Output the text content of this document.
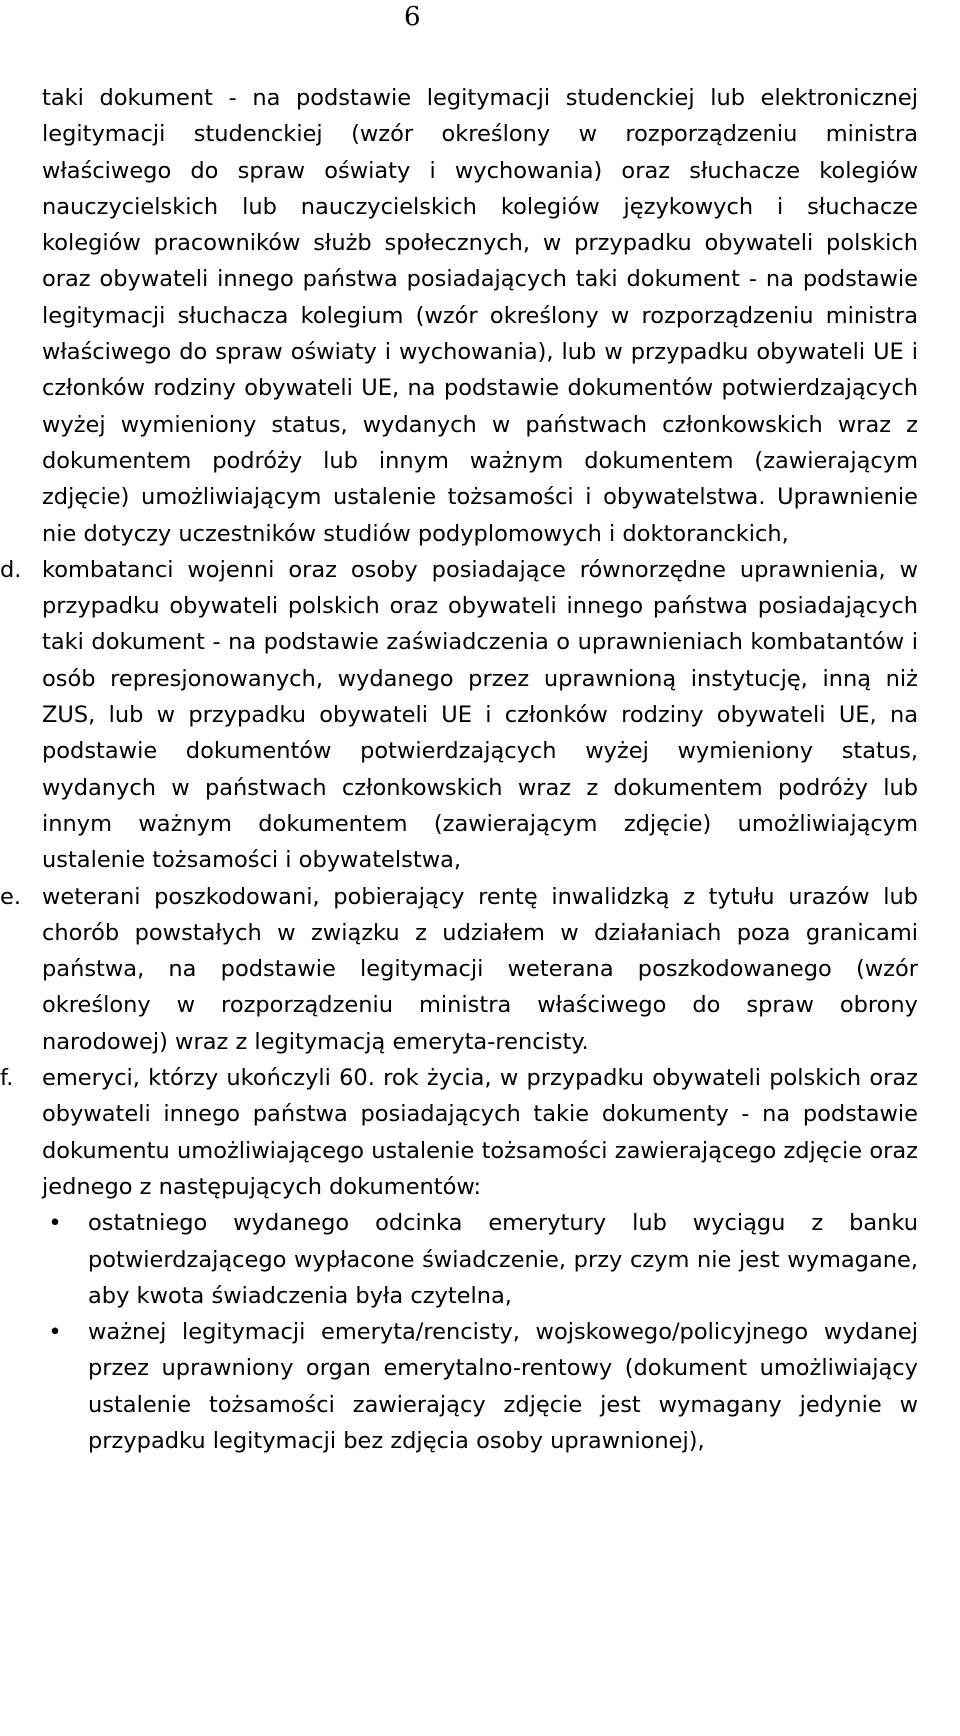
6

taki dokument - na podstawie legitymacji studenckiej lub elektronicznej legitymacji studenckiej (wzór określony w rozporządzeniu ministra właściwego do spraw oświaty i wychowania) oraz słuchacze kolegiów nauczycielskich lub nauczycielskich kolegiów językowych i słuchacze kolegiów pracowników służb społecznych, w przypadku obywateli polskich oraz obywateli innego państwa posiadających taki dokument - na podstawie legitymacji słuchacza kolegium (wzór określony w rozporządzeniu ministra właściwego do spraw oświaty i wychowania), lub w przypadku obywateli UE i członków rodziny obywateli UE, na podstawie dokumentów potwierdzających wyżej wymieniony status, wydanych w państwach członkowskich wraz z dokumentem podróży lub innym ważnym dokumentem (zawierającym zdjęcie) umożliwiającym ustalenie tożsamości i obywatelstwa. Uprawnienie nie dotyczy uczestników studiów podyplomowych i doktoranckich,

d. kombatanci wojenni oraz osoby posiadające równorzędne uprawnienia, w przypadku obywateli polskich oraz obywateli innego państwa posiadających taki dokument - na podstawie zaświadczenia o uprawnieniach kombatantów i osób represjonowanych, wydanego przez uprawnioną instytucję, inną niż ZUS, lub w przypadku obywateli UE i członków rodziny obywateli UE, na podstawie dokumentów potwierdzających wyżej wymieniony status, wydanych w państwach członkowskich wraz z dokumentem podróży lub innym ważnym dokumentem (zawierającym zdjęcie) umożliwiającym ustalenie tożsamości i obywatelstwa,

e. weterani poszkodowani, pobierający rentę inwalidzką z tytułu urazów lub chorób powstałych w związku z udziałem w działaniach poza granicami państwa, na podstawie legitymacji weterana poszkodowanego (wzór określony w rozporządzeniu ministra właściwego do spraw obrony narodowej) wraz z legitymacją emeryta-rencisty.

f.	emeryci, którzy ukończyli 60. rok życia, w przypadku obywateli polskich oraz obywateli innego państwa posiadających takie dokumenty - na podstawie dokumentu umożliwiającego ustalenie tożsamości zawierającego zdjęcie oraz jednego z następujących dokumentów:

• ostatniego wydanego odcinka emerytury lub wyciągu z banku potwierdzającego wypłacone świadczenie, przy czym nie jest wymagane, aby kwota świadczenia była czytelna,

• ważnej legitymacji emeryta/rencisty, wojskowego/policyjnego wydanej przez uprawniony organ emerytalno-rentowy (dokument umożliwiający ustalenie tożsamości zawierający zdjęcie jest wymagany jedynie w przypadku legitymacji bez zdjęcia osoby uprawnionej),
